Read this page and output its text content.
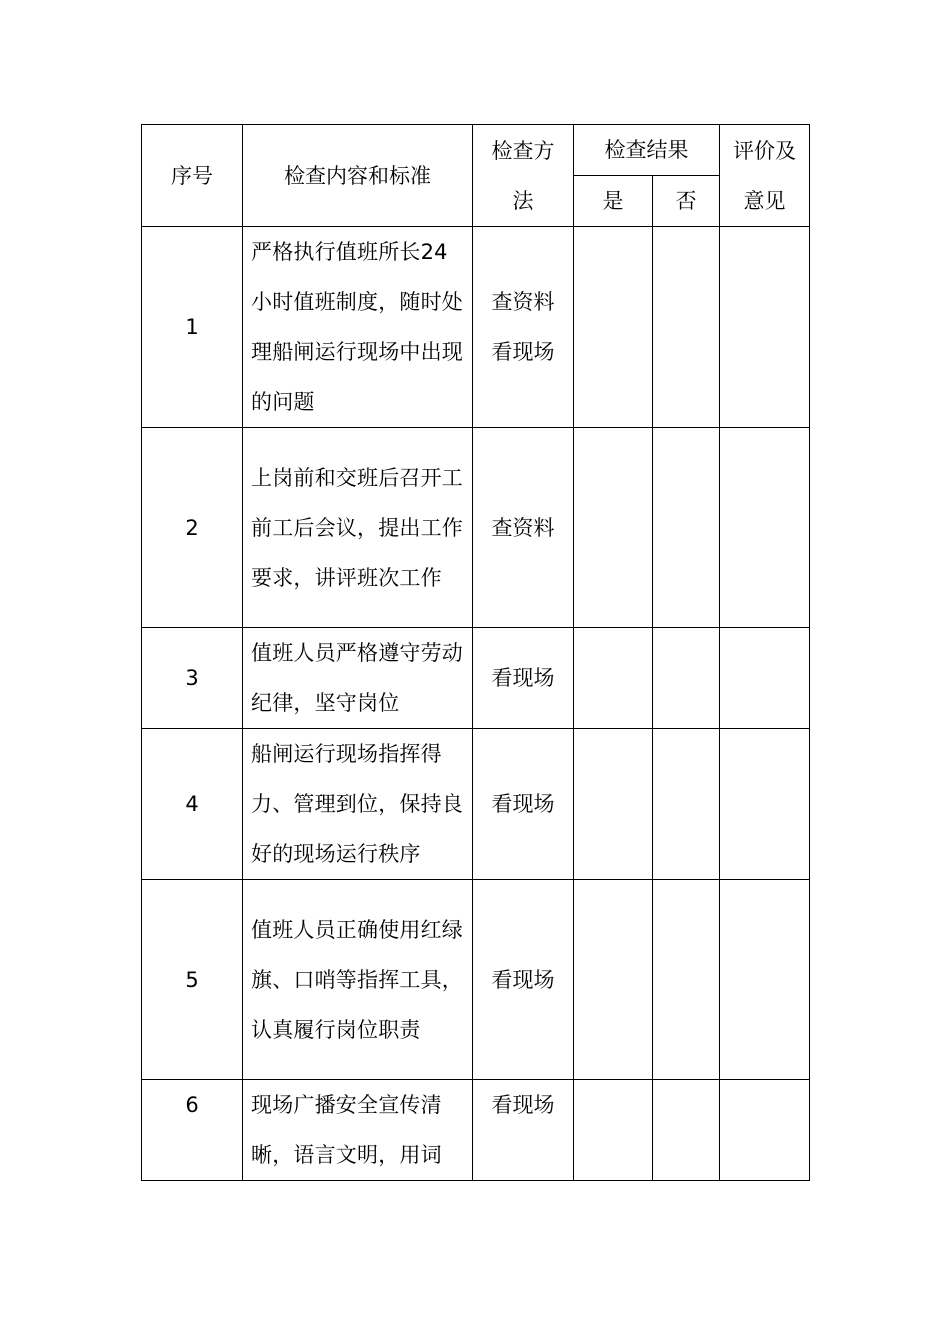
序号	检查内容和标准	检查方法	检查结果		评价及意见
			是	否	
1	严格执行值班所长24小时值班制度，随时处理船闸运行现场中出现的问题	查资料看现场			
2	上岗前和交班后召开工前工后会议，提出工作要求，讲评班次工作	查资料			
3	值班人员严格遵守劳动纪律，坚守岗位	看现场			
4	船闸运行现场指挥得力、管理到位，保持良好的现场运行秩序	看现场			
5	值班人员正确使用红绿旗、口哨等指挥工具，认真履行岗位职责	看现场			
6	现场广播安全宣传清晰，语言文明，用词	看现场			
